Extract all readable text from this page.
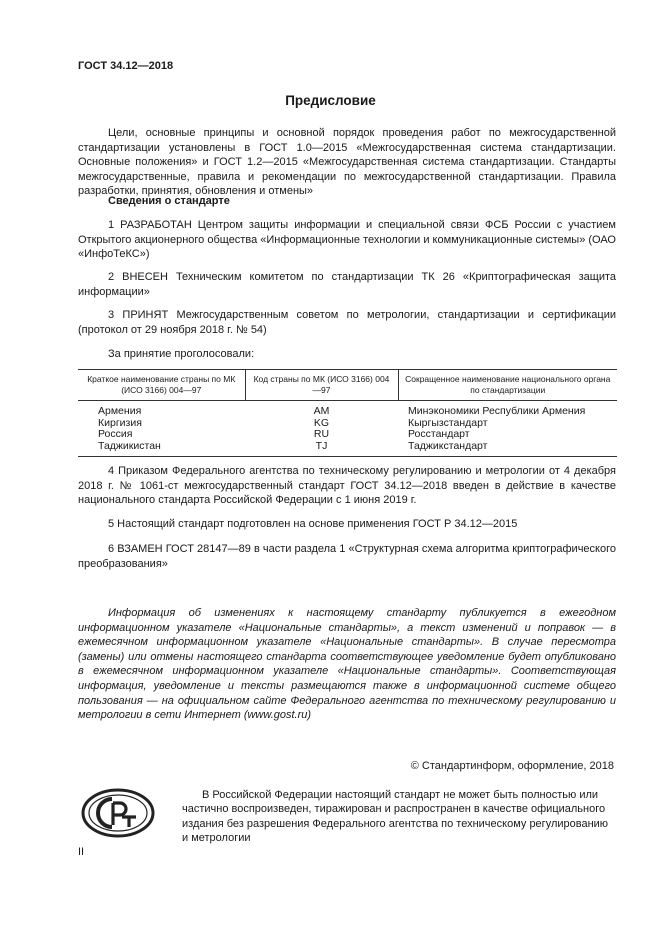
ГОСТ 34.12—2018
Предисловие
Цели, основные принципы и основной порядок проведения работ по межгосударственной стандартизации установлены в ГОСТ 1.0—2015 «Межгосударственная система стандартизации. Основные положения» и ГОСТ 1.2—2015 «Межгосударственная система стандартизации. Стандарты межгосударственные, правила и рекомендации по межгосударственной стандартизации. Правила разработки, принятия, обновления и отмены»
Сведения о стандарте
1 РАЗРАБОТАН Центром защиты информации и специальной связи ФСБ России с участием Открытого акционерного общества «Информационные технологии и коммуникационные системы» (ОАО «ИнфоТеКС»)
2 ВНЕСЕН Техническим комитетом по стандартизации ТК 26 «Криптографическая защита информации»
3 ПРИНЯТ Межгосударственным советом по метрологии, стандартизации и сертификации (протокол от 29 ноября 2018 г. № 54)
За принятие проголосовали:
Краткое наименование страны по МК (ИСО 3166) 004—97	Код страны по МК (ИСО 3166) 004—97	Сокращенное наименование национального органа по стандартизации
Армения	AM	Минэкономики Республики Армения
Киргизия	KG	Кыргызстандарт
Россия	RU	Росстандарт
Таджикистан	TJ	Таджикстандарт
4 Приказом Федерального агентства по техническому регулированию и метрологии от 4 декабря 2018 г. № 1061-ст межгосударственный стандарт ГОСТ 34.12—2018 введен в действие в качестве национального стандарта Российской Федерации с 1 июня 2019 г.
5 Настоящий стандарт подготовлен на основе применения ГОСТ Р 34.12—2015
6 ВЗАМЕН ГОСТ 28147—89 в части раздела 1 «Структурная схема алгоритма криптографического преобразования»
Информация об изменениях к настоящему стандарту публикуется в ежегодном информационном указателе «Национальные стандарты», а текст изменений и поправок — в ежемесячном информационном указателе «Национальные стандарты». В случае пересмотра (замены) или отмены настоящего стандарта соответствующее уведомление будет опубликовано в ежемесячном информационном указателе «Национальные стандарты». Соответствующая информация, уведомление и тексты размещаются также в информационной системе общего пользования — на официальном сайте Федерального агентства по техническому регулированию и метрологии в сети Интернет (www.gost.ru)
© Стандартинформ, оформление, 2018
В Российской Федерации настоящий стандарт не может быть полностью или частично воспроизведен, тиражирован и распространен в качестве официального издания без разрешения Федерального агентства по техническому регулированию и метрологии
II
